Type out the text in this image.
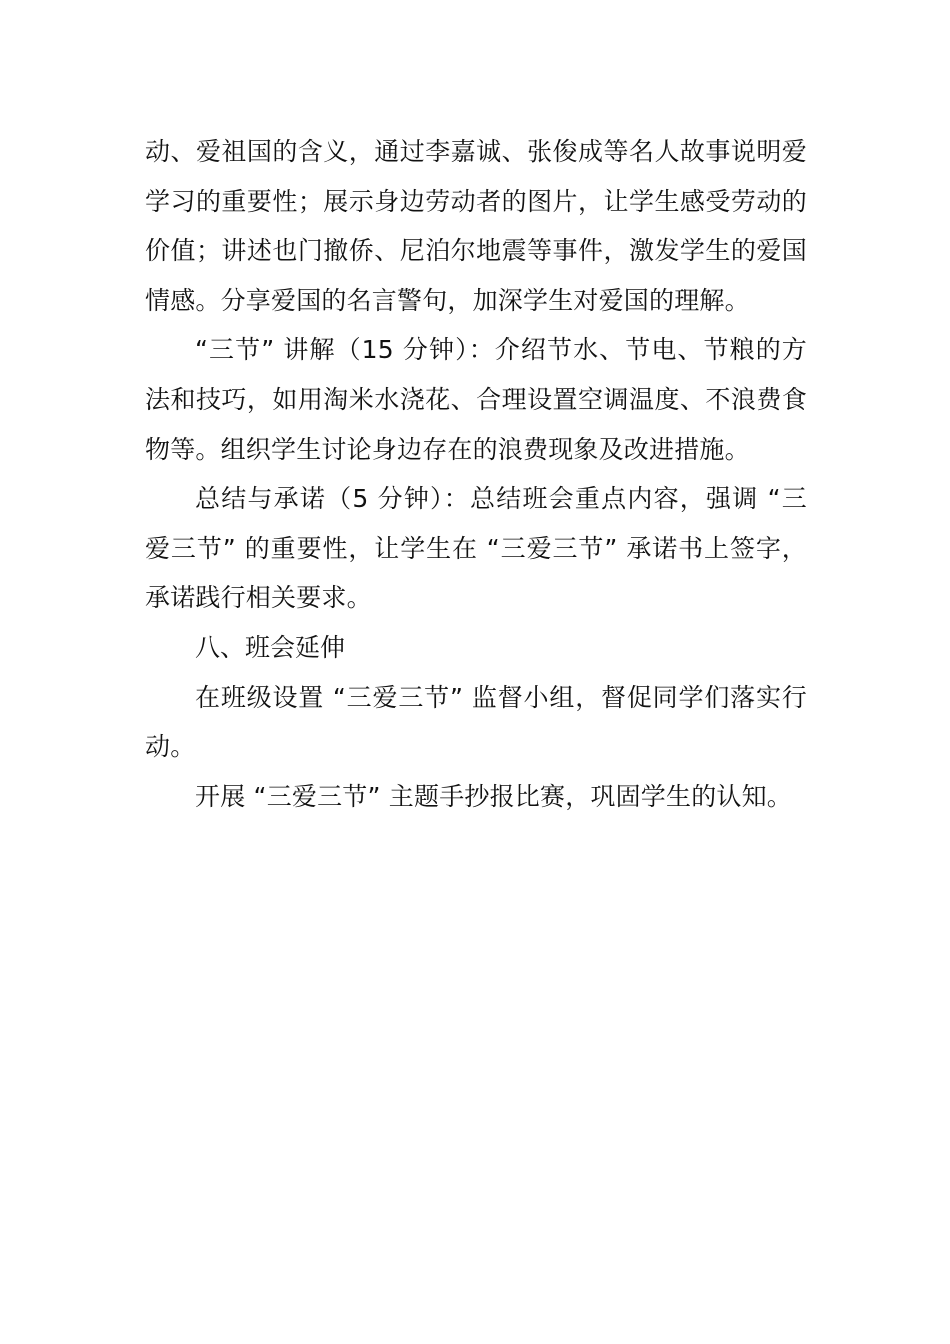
动、爱祖国的含义，通过李嘉诚、张俊成等名人故事说明爱学习的重要性；展示身边劳动者的图片，让学生感受劳动的价值；讲述也门撤侨、尼泊尔地震等事件，激发学生的爱国情感。分享爱国的名言警句，加深学生对爱国的理解。

“三节” 讲解（15 分钟）：介绍节水、节电、节粮的方法和技巧，如用淘米水浇花、合理设置空调温度、不浪费食物等。组织学生讨论身边存在的浪费现象及改进措施。

总结与承诺（5 分钟）：总结班会重点内容，强调 “三爱三节” 的重要性，让学生在 “三爱三节” 承诺书上签字，承诺践行相关要求。

八、班会延伸

在班级设置 “三爱三节” 监督小组，督促同学们落实行动。

开展 “三爱三节” 主题手抄报比赛，巩固学生的认知。
